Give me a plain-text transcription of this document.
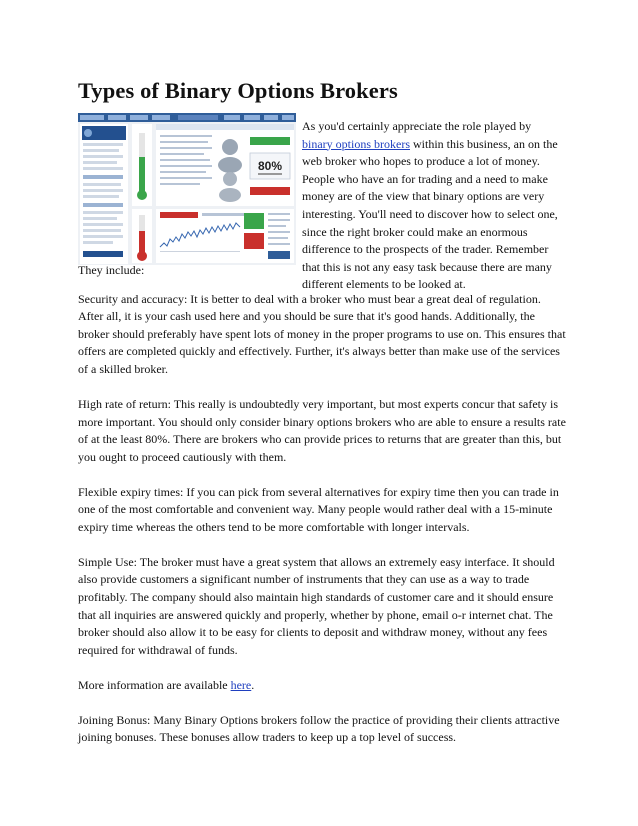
Types of Binary Options Brokers
80%

As you'd certainly appreciate the role played by binary options brokers within this business, an on the web broker who hopes to produce a lot of money. People who have an for trading and a need to make money are of the view that binary options are very interesting. You'll need to discover how to select one, since the right broker could make an enormous difference to the prospects of the trader. Remember that this is not any easy task because there are many different elements to be looked at.

They include:

Security and accuracy: It is better to deal with a broker who must bear a great deal of regulation. After all, it is your cash used here and you should be sure that it's good hands. Additionally, the broker should preferably have spent lots of money in the proper programs to use on. This ensures that offers are completed quickly and effectively. Further, it's always better than make use of the services of a skilled broker.

High rate of return: This really is undoubtedly very important, but most experts concur that safety is more important. You should only consider binary options brokers who are able to ensure a results rate of at the least 80%. There are brokers who can provide prices to returns that are greater than this, but you ought to proceed cautiously with them.

Flexible expiry times: If you can pick from several alternatives for expiry time then you can trade in one of the most comfortable and convenient way. Many people would rather deal with a 15-minute expiry time whereas the others tend to be more comfortable with longer intervals.

Simple Use: The broker must have a great system that allows an extremely easy interface. It should also provide customers a significant number of instruments that they can use as a way to trade profitably. The company should also maintain high standards of customer care and it should ensure that all inquiries are answered quickly and properly, whether by phone, email o-r internet chat. The broker should also allow it to be easy for clients to deposit and withdraw money, without any fees required for withdrawal of funds.

More information are available here.

Joining Bonus: Many Binary Options brokers follow the practice of providing their clients attractive joining bonuses. These bonuses allow traders to keep up a top level of success.
